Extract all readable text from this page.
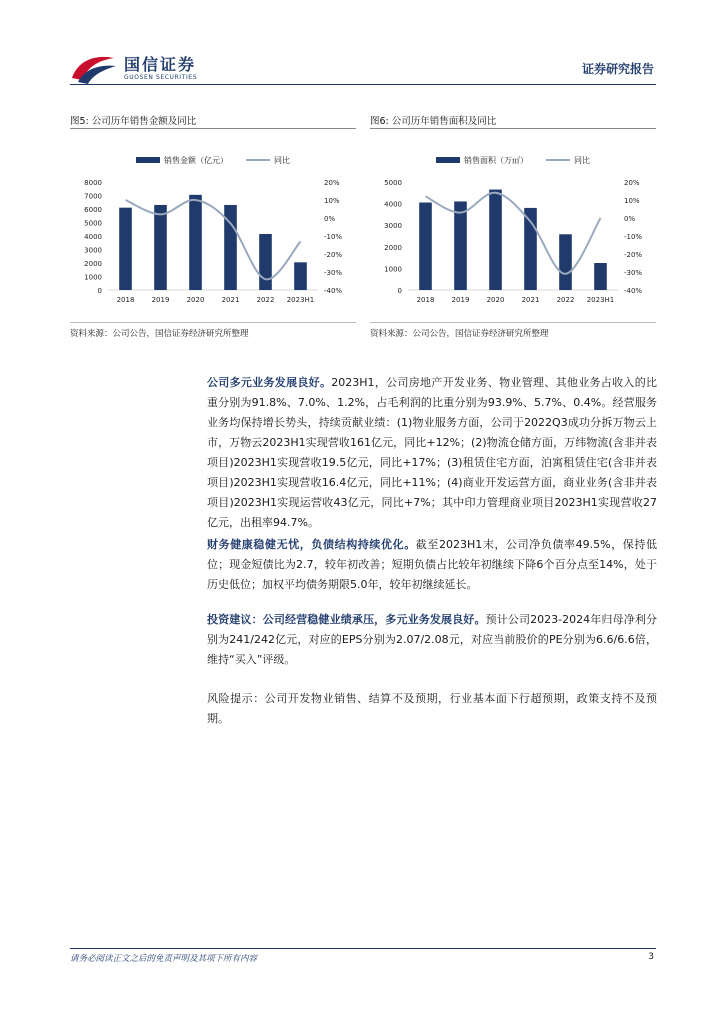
国信证券
GUOSEN SECURITIES
证券研究报告
图5: 公司历年销售金额及同比
销售金额（亿元）	同比
0
1000
2000
3000
4000
5000
6000
7000
8000
-40%
-30%
-20%
-10%
0%
10%
20%
2018 2019 2020 2021 2022 2023H1
资料来源：公司公告，国信证券经济研究所整理
图6: 公司历年销售面积及同比
销售面积（万㎡）	同比
0
1000
2000
3000
4000
5000
-40%
-30%
-20%
-10%
0%
10%
20%
2018 2019 2020 2021 2022 2023H1
资料来源：公司公告，国信证券经济研究所整理
公司多元业务发展良好。2023H1，公司房地产开发业务、物业管理、其他业务占收入的比重分别为91.8%、7.0%、1.2%，占毛利润的比重分别为93.9%、5.7%、0.4%。经营服务业务均保持增长势头，持续贡献业绩：(1)物业服务方面，公司于2022Q3成功分拆万物云上市，万物云2023H1实现营收161亿元，同比+12%；(2)物流仓储方面，万纬物流(含非并表项目)2023H1实现营收19.5亿元，同比+17%；(3)租赁住宅方面，泊寓租赁住宅(含非并表项目)2023H1实现营收16.4亿元，同比+11%；(4)商业开发运营方面，商业业务(含非并表项目)2023H1实现运营收43亿元，同比+7%；其中印力管理商业项目2023H1实现营收27亿元，出租率94.7%。
财务健康稳健无忧，负债结构持续优化。截至2023H1末，公司净负债率49.5%，保持低位；现金短债比为2.7，较年初改善；短期负债占比较年初继续下降6个百分点至14%，处于历史低位；加权平均债务期限5.0年，较年初继续延长。
投资建议：公司经营稳健业绩承压，多元业务发展良好。预计公司2023-2024年归母净利分别为241/242亿元，对应的EPS分别为2.07/2.08元，对应当前股价的PE分别为6.6/6.6倍，维持“买入”评级。
风险提示：公司开发物业销售、结算不及预期，行业基本面下行超预期，政策支持不及预期。
请务必阅读正文之后的免责声明及其项下所有内容	3
